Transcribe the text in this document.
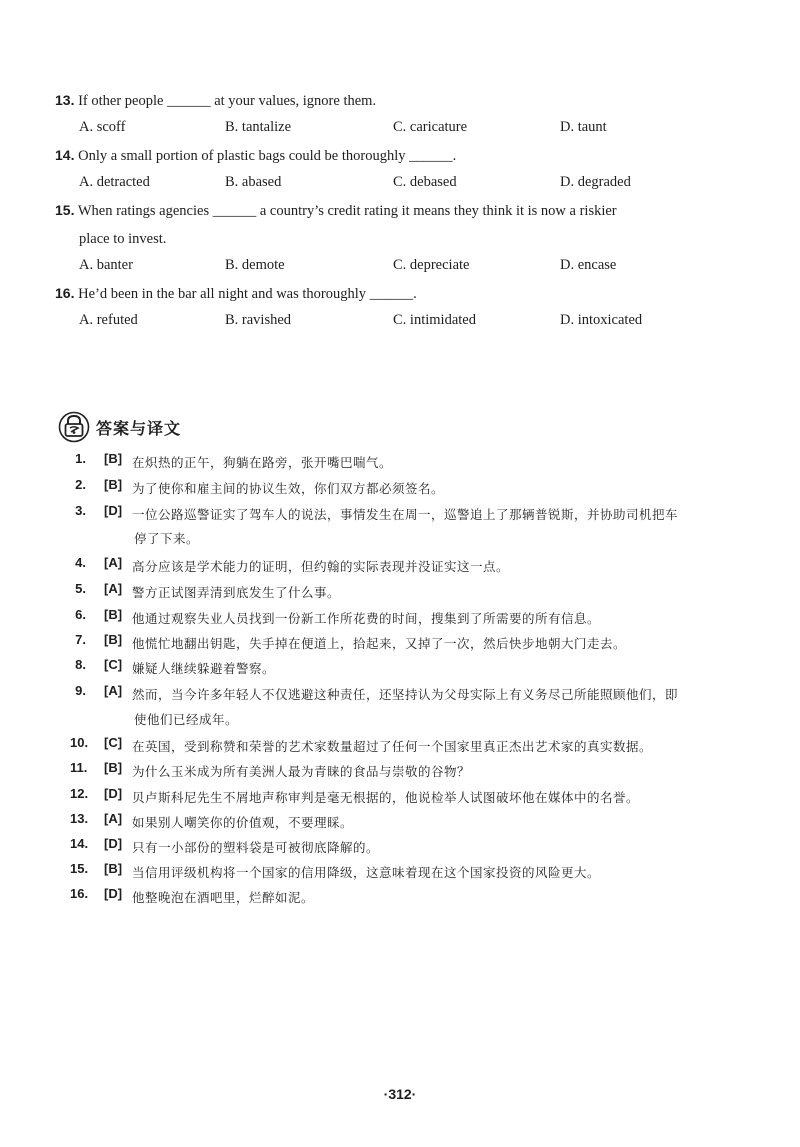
13. If other people ______ at your values, ignore them.
A. scoff	B. tantalize	C. caricature	D. taunt
14. Only a small portion of plastic bags could be thoroughly ______.
A. detracted	B. abased	C. debased	D. degraded
15. When ratings agencies ______ a country’s credit rating it means they think it is now a riskier
place to invest.
A. banter	B. demote	C. depreciate	D. encase
16. He’d been in the bar all night and was thoroughly ______.
A. refuted	B. ravished	C. intimidated	D. intoxicated
答案与译文
1. [B] 在炽热的正午，狗躺在路旁，张开嘴巴喘气。
2. [B] 为了使你和雇主间的协议生效，你们双方都必须签名。
3. [D] 一位公路巡警证实了驾车人的说法，事情发生在周一，巡警追上了那辆普锐斯，并协助司机把车
停了下来。
4. [A] 高分应该是学术能力的证明，但约翰的实际表现并没证实这一点。
5. [A] 警方正试图弄清到底发生了什么事。
6. [B] 他通过观察失业人员找到一份新工作所花费的时间，搜集到了所需要的所有信息。
7. [B] 他慌忙地翻出钥匙，失手掉在便道上，拾起来，又掉了一次，然后快步地朝大门走去。
8. [C] 嫌疑人继续躲避着警察。
9. [A] 然而，当今许多年轻人不仅逃避这种责任，还坚持认为父母实际上有义务尽己所能照顾他们，即
使他们已经成年。
10. [C] 在英国，受到称赞和荣誉的艺术家数量超过了任何一个国家里真正杰出艺术家的真实数据。
11. [B] 为什么玉米成为所有美洲人最为青睐的食品与崇敬的谷物？
12. [D] 贝卢斯科尼先生不屑地声称审判是毫无根据的，他说检举人试图破坏他在媒体中的名誉。
13. [A] 如果别人嘲笑你的价值观，不要理睬。
14. [D] 只有一小部份的塑料袋是可被彻底降解的。
15. [B] 当信用评级机构将一个国家的信用降级，这意味着现在这个国家投资的风险更大。
16. [D] 他整晚泡在酒吧里，烂醉如泥。
·312·
